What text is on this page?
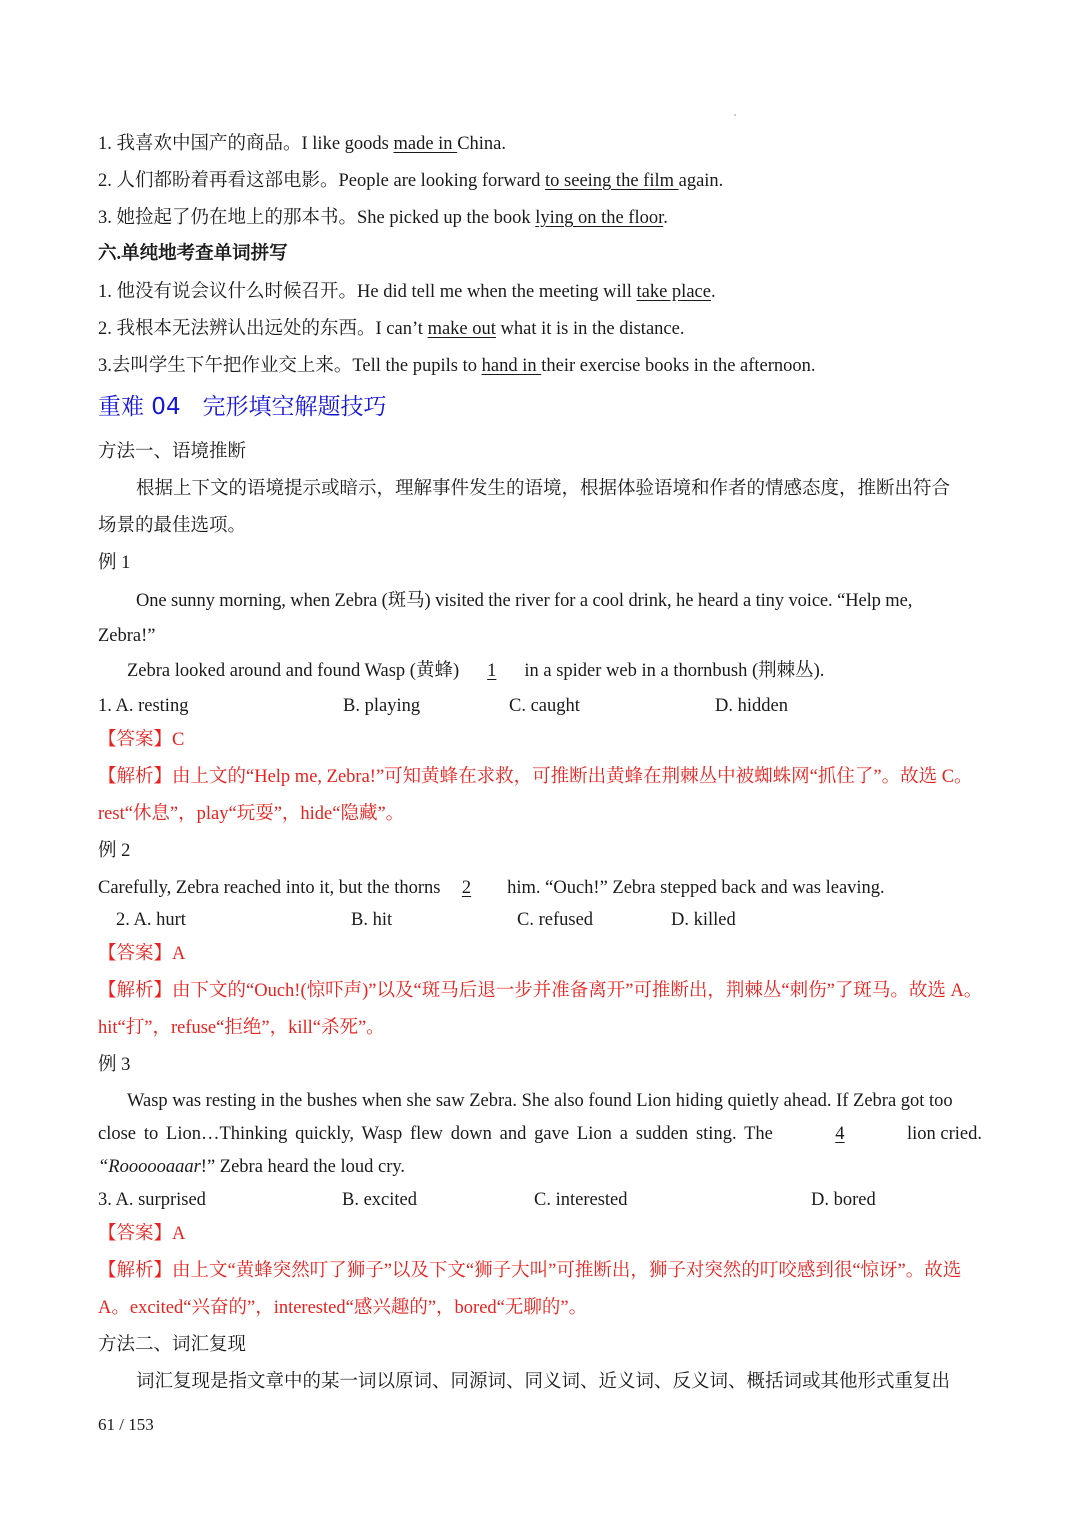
1. 我喜欢中国产的商品。I like goods made in China.
2. 人们都盼着再看这部电影。People are looking forward to seeing the film again.
3. 她捡起了仍在地上的那本书。She picked up the book lying on the floor.
六.单纯地考查单词拼写
1. 他没有说会议什么时候召开。He did tell me when the meeting will take place.
2. 我根本无法辨认出远处的东西。I can’t make out what it is in the distance.
3.去叫学生下午把作业交上来。Tell the pupils to hand in their exercise books in the afternoon.
重难 04   完形填空解题技巧
方法一、语境推断
根据上下文的语境提示或暗示，理解事件发生的语境，根据体验语境和作者的情感态度，推断出符合
场景的最佳选项。
例 1
One sunny morning, when Zebra (斑马) visited the river for a cool drink, he heard a tiny voice. “Help me,
Zebra!”
Zebra looked around and found Wasp (黄蜂) 1 in a spider web in a thornbush (荆棘丛).
1. A. resting	B. playing	C. caught	D. hidden
【答案】C
【解析】由上文的“Help me, Zebra!”可知黄蜂在求救，可推断出黄蜂在荆棘丛中被蜘蛛网“抓住了”。故选 C。
rest“休息”，play“玩耍”，hide“隐藏”。
例 2
Carefully, Zebra reached into it, but the thorns 2 him. “Ouch!” Zebra stepped back and was leaving.
2. A. hurt	B. hit	C. refused	D. killed
【答案】A
【解析】由下文的“Ouch!(惊吓声)”以及“斑马后退一步并准备离开”可推断出，荆棘丛“刺伤”了斑马。故选 A。
hit“打”，refuse“拒绝”，kill“杀死”。
例 3
Wasp was resting in the bushes when she saw Zebra. She also found Lion hiding quietly ahead. If Zebra got too
close to Lion…Thinking quickly, Wasp flew down and gave Lion a sudden sting. The	4	lion cried.
“Roooooaaar!” Zebra heard the loud cry.
3. A. surprised	B. excited	C. interested	D. bored
【答案】A
【解析】由上文“黄蜂突然叮了狮子”以及下文“狮子大叫”可推断出，狮子对突然的叮咬感到很“惊讶”。故选
A。excited“兴奋的”，interested“感兴趣的”，bored“无聊的”。
方法二、词汇复现
词汇复现是指文章中的某一词以原词、同源词、同义词、近义词、反义词、概括词或其他形式重复出
61 / 153
